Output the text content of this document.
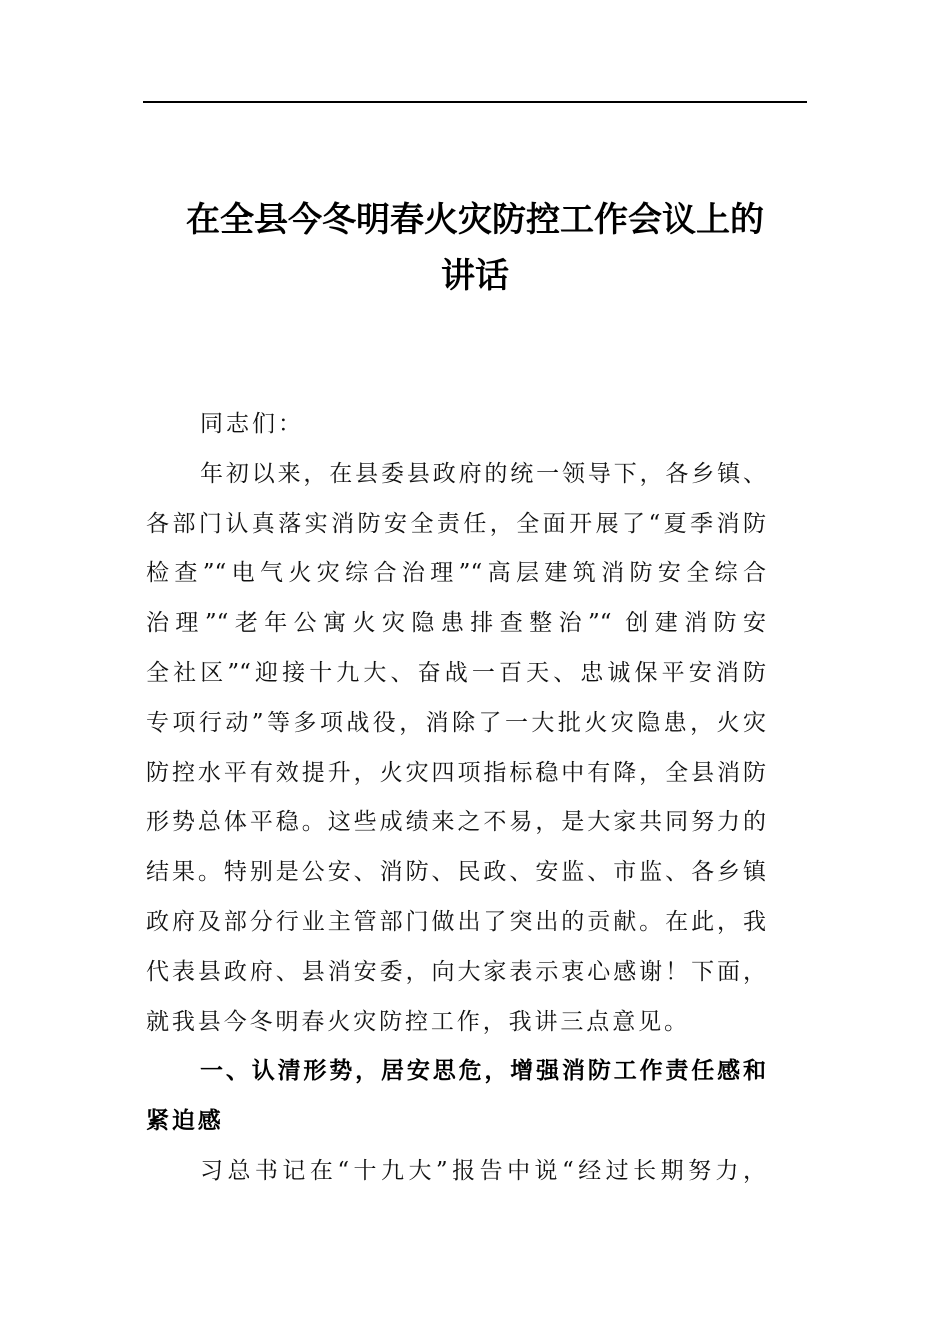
在全县今冬明春火灾防控工作会议上的
讲话
同志们：
年初以来，在县委县政府的统一领导下，各乡镇、
各部门认真落实消防安全责任，全面开展了“夏季消防
检查”“电气火灾综合治理”“高层建筑消防安全综合
治理”“老年公寓火灾隐患排查整治”“ 创建消防安
全社区”“迎接十九大、奋战一百天、忠诚保平安消防
专项行动”等多项战役，消除了一大批火灾隐患，火灾
防控水平有效提升，火灾四项指标稳中有降，全县消防
形势总体平稳。这些成绩来之不易，是大家共同努力的
结果。特别是公安、消防、民政、安监、市监、各乡镇
政府及部分行业主管部门做出了突出的贡献。在此，我
代表县政府、县消安委，向大家表示衷心感谢！下面，
就我县今冬明春火灾防控工作，我讲三点意见。
一、认清形势，居安思危，增强消防工作责任感和
紧迫感
习总书记在“十九大”报告中说“经过长期努力，
